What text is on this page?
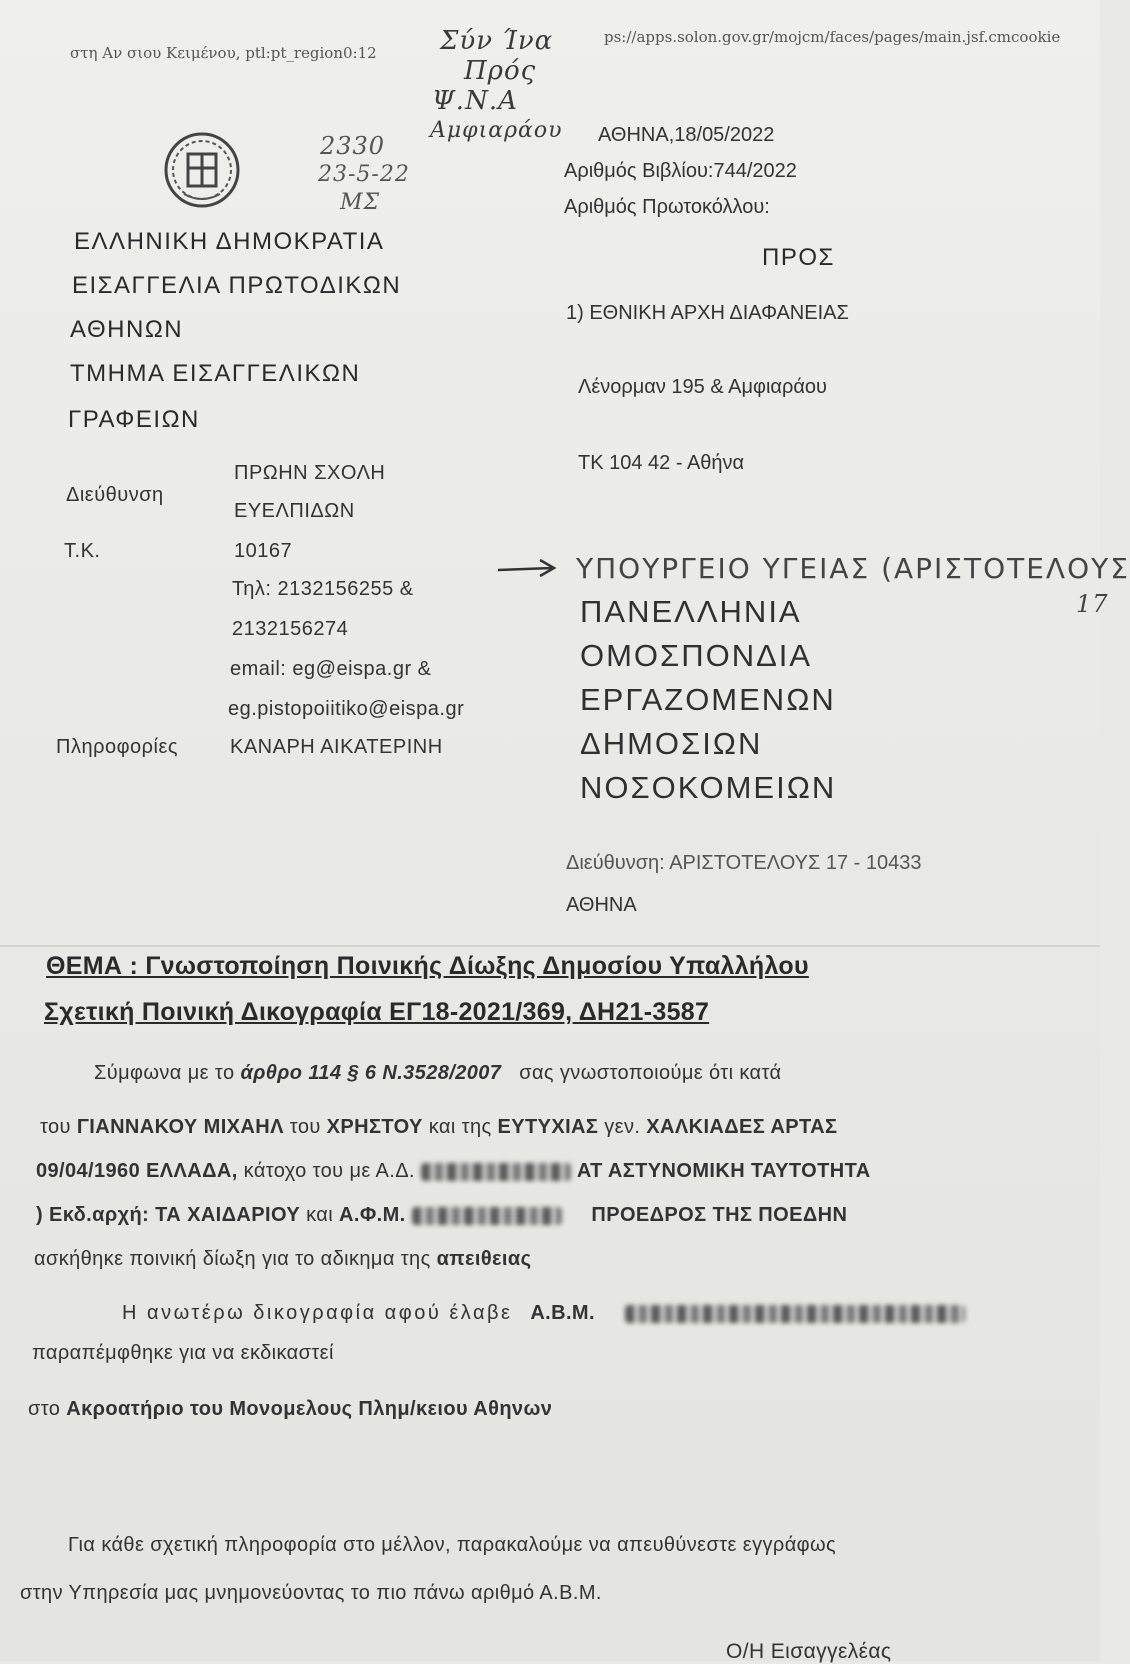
στη Αν σιου Κειμένου, ptl:pt_region0:12
ps://apps.solon.gov.gr/mojcm/faces/pages/main.jsf.cmcookie
Σύν Ίνα
Πρός
Ψ.Ν.Α
Αμφιαράου
2330
23-5-22
ΜΣ
ΑΘΗΝΑ,18/05/2022
Αριθμός Βιβλίου:744/2022
Αριθμός Πρωτοκόλλου:
ΕΛΛΗΝΙΚΗ ΔΗΜΟΚΡΑΤΙΑ
ΕΙΣΑΓΓΕΛΙΑ ΠΡΩΤΟΔΙΚΩΝ
ΑΘΗΝΩΝ
ΤΜΗΜΑ ΕΙΣΑΓΓΕΛΙΚΩΝ
ΓΡΑΦΕΙΩΝ
ΠΡΟΣ
1) ΕΘΝΙΚΗ ΑΡΧΗ ΔΙΑΦΑΝΕΙΑΣ
Λένορμαν 195 & Αμφιαράου
ΤΚ 104 42 - Αθήνα
Διεύθυνση
ΠΡΩΗΝ ΣΧΟΛΗ
ΕΥΕΛΠΙΔΩΝ
Τ.Κ.	10167
Τηλ: 2132156255 &
2132156274
email: eg@eispa.gr &
eg.pistopoiitiko@eispa.gr
Πληροφορίες	ΚΑΝΑΡΗ ΑΙΚΑΤΕΡΙΝΗ
ΥΠΟΥΡΓΕΙΟ ΥΓΕΙΑΣ (ΑΡΙΣΤΟΤΕΛΟΥΣ
17
ΠΑΝΕΛΛΗΝΙΑ
ΟΜΟΣΠΟΝΔΙΑ
ΕΡΓΑΖΟΜΕΝΩΝ
ΔΗΜΟΣΙΩΝ
ΝΟΣΟΚΟΜΕΙΩΝ
Διεύθυνση: ΑΡΙΣΤΟΤΕΛΟΥΣ 17 - 10433
ΑΘΗΝΑ
ΘΕΜΑ : Γνωστοποίηση Ποινικής Δίωξης Δημοσίου Υπαλλήλου
Σχετική Ποινική Δικογραφία ΕΓ18-2021/369, ΔΗ21-3587
Σύμφωνα με το άρθρο 114 § 6 Ν.3528/2007 σας γνωστοποιούμε ότι κατά
του ΓΙΑΝΝΑΚΟΥ ΜΙΧΑΗΛ του ΧΡΗΣΤΟΥ και της ΕΥΤΥΧΙΑΣ γεν. ΧΑΛΚΙΑΔΕΣ ΑΡΤΑΣ
09/04/1960 ΕΛΛΑΔΑ, κάτοχο του με Α.Δ.	ΑΤ ΑΣΤΥΝΟΜΙΚΗ ΤΑΥΤΟΤΗΤΑ
) Εκδ.αρχή: ΤΑ ΧΑΙΔΑΡΙΟΥ και Α.Φ.Μ.	ΠΡΟΕΔΡΟΣ ΤΗΣ ΠΟΕΔΗΝ
ασκήθηκε ποινική δίωξη για το αδικημα της απειθειας
Η ανωτέρω δικογραφία αφού έλαβε Α.Β.Μ.
παραπέμφθηκε για να εκδικαστεί
στο Ακροατήριο του Μονομελους Πλημ/κειου Αθηνων
Για κάθε σχετική πληροφορία στο μέλλον, παρακαλούμε να απευθύνεστε εγγράφως
στην Υπηρεσία μας μνημονεύοντας το πιο πάνω αριθμό Α.Β.Μ.
Ο/Η Εισαγγελέας
